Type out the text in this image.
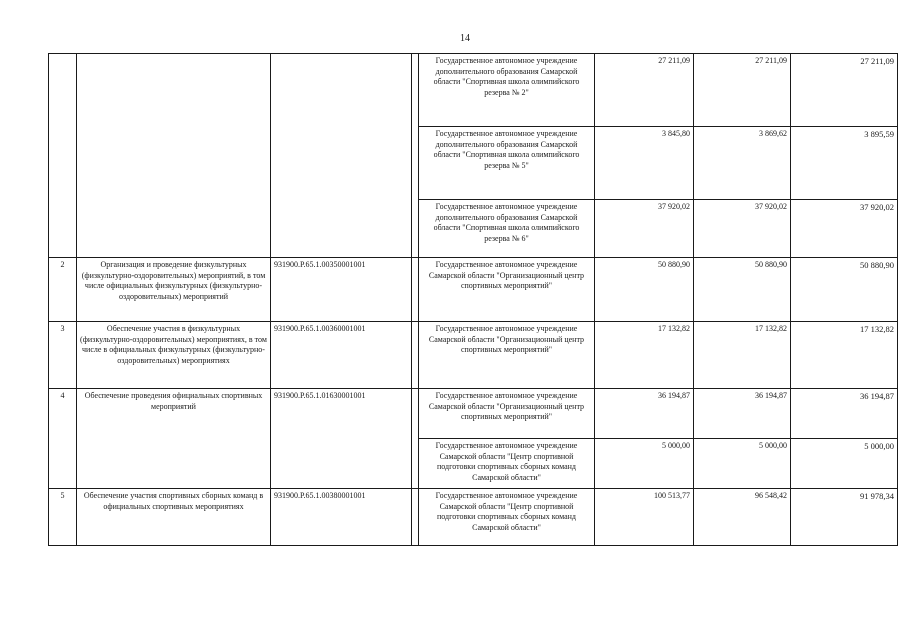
14
				Государственное автономное учреждение дополнительного образования Самарской области "Спортивная школа олимпийского резерва № 2"	27 211,09	27 211,09	27 211,09
				Государственное автономное учреждение дополнительного образования Самарской области "Спортивная школа олимпийского резерва № 5"	3 845,80	3 869,62	3 895,59
				Государственное автономное учреждение дополнительного образования Самарской области "Спортивная школа олимпийского резерва № 6"	37 920,02	37 920,02	37 920,02
2	Организация и проведение физкультурных (физкультурно-оздоровительных) мероприятий, в том числе официальных физкультурных (физкультурно-оздоровительных) мероприятий	931900.Р.65.1.00350001001		Государственное автономное учреждение Самарской области "Организационный центр спортивных мероприятий"	50 880,90	50 880,90	50 880,90
3	Обеспечение участия в физкультурных (физкультурно-оздоровительных) мероприятиях, в том числе в официальных физкультурных (физкультурно-оздоровительных) мероприятиях	931900.Р.65.1.00360001001		Государственное автономное учреждение Самарской области "Организационный центр спортивных мероприятий"	17 132,82	17 132,82	17 132,82
4	Обеспечение проведения официальных спортивных мероприятий	931900.Р.65.1.01630001001		Государственное автономное учреждение Самарской области "Организационный центр спортивных мероприятий"	36 194,87	36 194,87	36 194,87
				Государственное автономное учреждение Самарской области "Центр спортивной подготовки спортивных сборных команд Самарской области"	5 000,00	5 000,00	5 000,00
5	Обеспечение участия спортивных сборных команд в официальных спортивных мероприятиях	931900.Р.65.1.00380001001		Государственное автономное учреждение Самарской области "Центр спортивной подготовки спортивных сборных команд Самарской области"	100 513,77	96 548,42	91 978,34
